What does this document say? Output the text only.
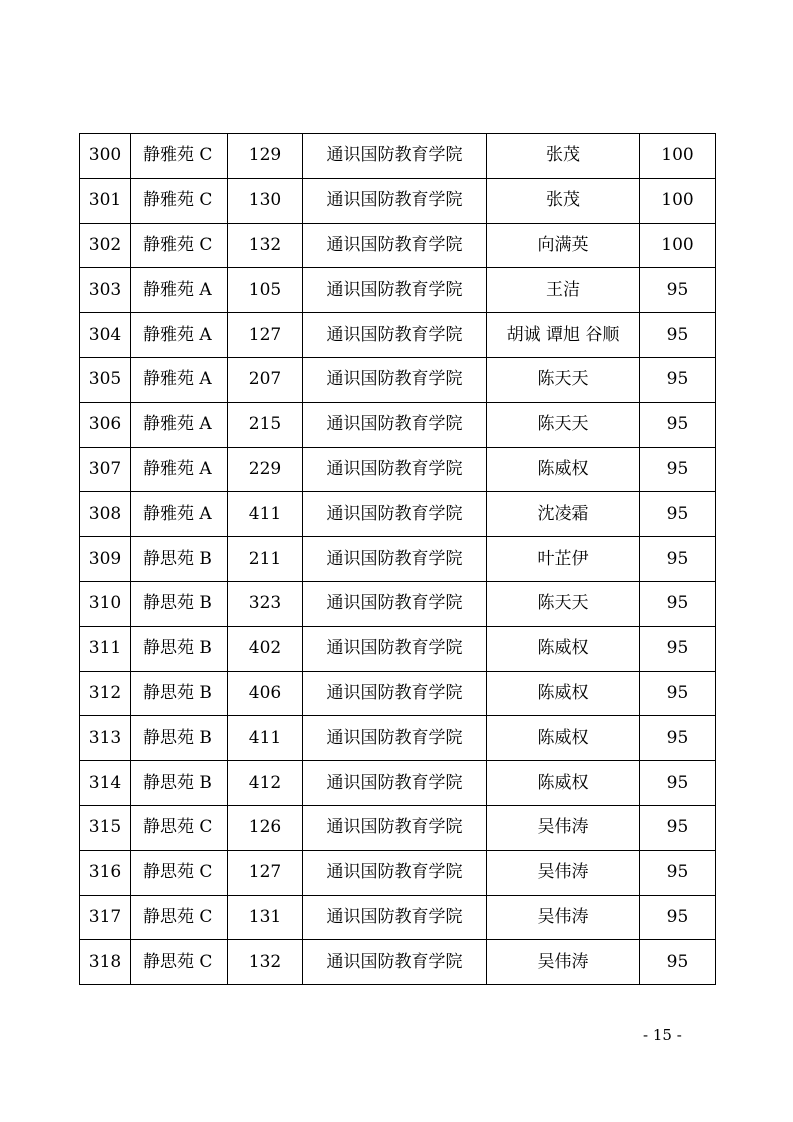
300	静雅苑 C	129	通识国防教育学院	张茂	100
301	静雅苑 C	130	通识国防教育学院	张茂	100
302	静雅苑 C	132	通识国防教育学院	向满英	100
303	静雅苑 A	105	通识国防教育学院	王洁	95
304	静雅苑 A	127	通识国防教育学院	胡诚 谭旭 谷顺	95
305	静雅苑 A	207	通识国防教育学院	陈天天	95
306	静雅苑 A	215	通识国防教育学院	陈天天	95
307	静雅苑 A	229	通识国防教育学院	陈威权	95
308	静雅苑 A	411	通识国防教育学院	沈凌霜	95
309	静思苑 B	211	通识国防教育学院	叶芷伊	95
310	静思苑 B	323	通识国防教育学院	陈天天	95
311	静思苑 B	402	通识国防教育学院	陈威权	95
312	静思苑 B	406	通识国防教育学院	陈威权	95
313	静思苑 B	411	通识国防教育学院	陈威权	95
314	静思苑 B	412	通识国防教育学院	陈威权	95
315	静思苑 C	126	通识国防教育学院	吴伟涛	95
316	静思苑 C	127	通识国防教育学院	吴伟涛	95
317	静思苑 C	131	通识国防教育学院	吴伟涛	95
318	静思苑 C	132	通识国防教育学院	吴伟涛	95
- 15 -
